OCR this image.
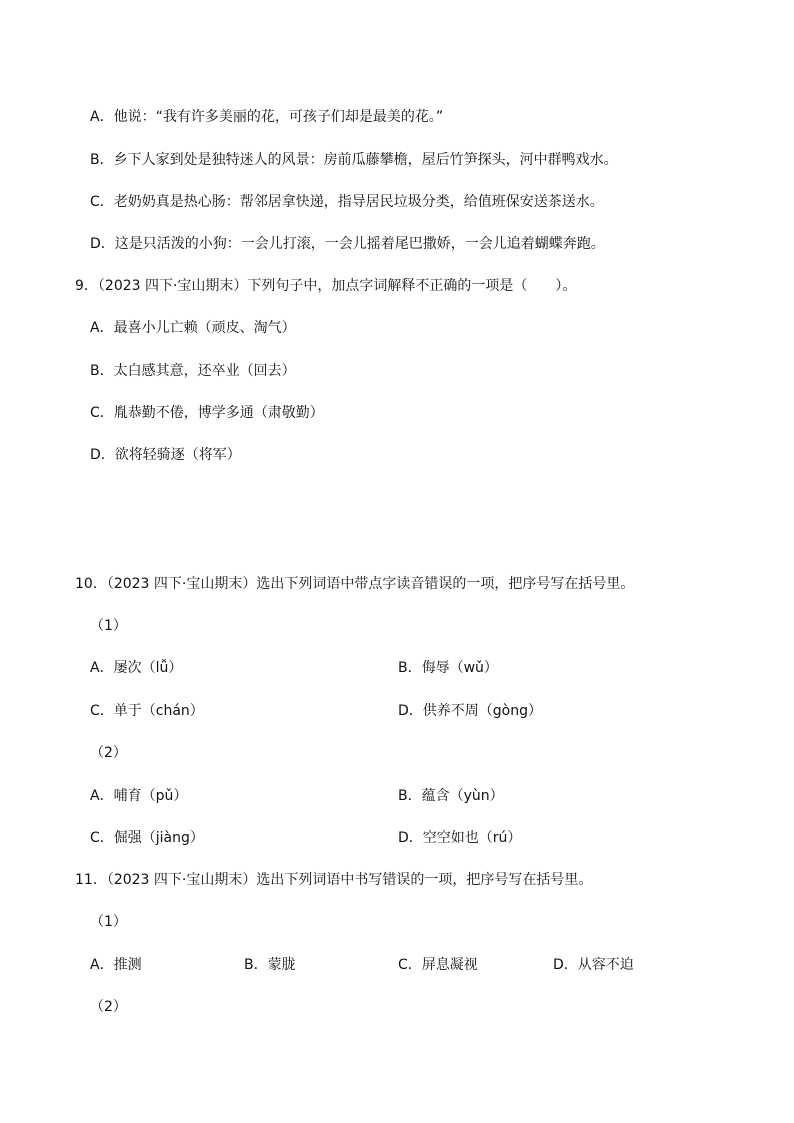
A．他说：“我有许多美丽的花，可孩子们却是最美的花。”
B．乡下人家到处是独特迷人的风景：房前瓜藤攀檐，屋后竹笋探头，河中群鸭戏水。
C．老奶奶真是热心肠：帮邻居拿快递，指导居民垃圾分类，给值班保安送茶送水。
D．这是只活泼的小狗：一会儿打滚，一会儿摇着尾巴撒娇，一会儿追着蝴蝶奔跑。
9．（2023 四下·宝山期末）下列句子中，加点字词解释不正确的一项是（　　）。
A．最喜小儿亡赖（顽皮、淘气）
B．太白感其意，还卒业（回去）
C．胤恭勤不倦，博学多通（肃敬勤）
D．欲将轻骑逐（将军）
10．（2023 四下·宝山期末）选出下列词语中带点字读音错误的一项，把序号写在括号里。
（1）
A．屡次（lǚ）	B．侮辱（wǔ）
C．单于（chán）	D．供养不周（gòng）
（2）
A．哺育（pǔ）	B．蕴含（yùn）
C．倔强（jiàng）	D．空空如也（rú）
11．（2023 四下·宝山期末）选出下列词语中书写错误的一项，把序号写在括号里。
（1）
A．推测	B．蒙胧	C．屏息凝视	D．从容不迫
（2）
